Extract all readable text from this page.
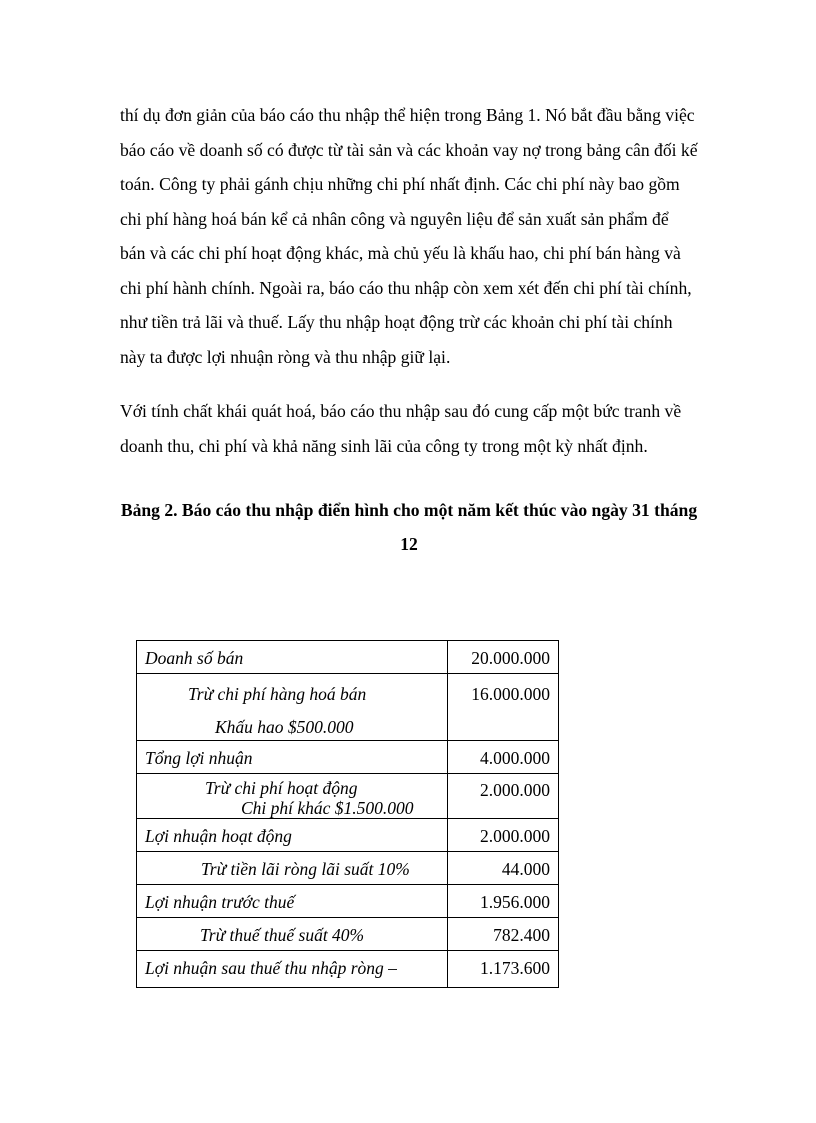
thí dụ đơn giản của báo cáo thu nhập thể hiện trong Bảng 1. Nó bắt đầu bằng việc báo cáo về doanh số có được từ tài sản và các khoản vay nợ trong bảng cân đối kế toán. Công ty phải gánh chịu những chi phí nhất định. Các chi phí này bao gồm chi phí hàng hoá bán kể cả nhân công và nguyên liệu để sản xuất sản phẩm để bán và các chi phí hoạt động khác, mà chủ yếu là khấu hao, chi phí bán hàng và chi phí hành chính. Ngoài ra, báo cáo thu nhập còn xem xét đến chi phí tài chính, như tiền trả lãi và thuế. Lấy thu nhập hoạt động trừ các khoản chi phí tài chính này ta được lợi nhuận ròng và thu nhập giữ lại.

Với tính chất khái quát hoá, báo cáo thu nhập sau đó cung cấp một bức tranh về doanh thu, chi phí và khả năng sinh lãi của công ty trong một kỳ nhất định.

Bảng 2. Báo cáo thu nhập điển hình cho một năm kết thúc vào ngày 31 tháng 12

Doanh số bán	20.000.000

Trừ chi phí hàng hoá bán
Khấu hao $500.000	16.000.000

Tổng lợi nhuận	4.000.000

Trừ chi phí hoạt động
Chi phí khác $1.500.000	2.000.000

Lợi nhuận hoạt động	2.000.000

Trừ tiền lãi ròng lãi suất 10%	44.000

Lợi nhuận trước thuế	1.956.000

Trừ thuế thuế suất 40%	782.400

Lợi nhuận sau thuế thu nhập ròng –	1.173.600
